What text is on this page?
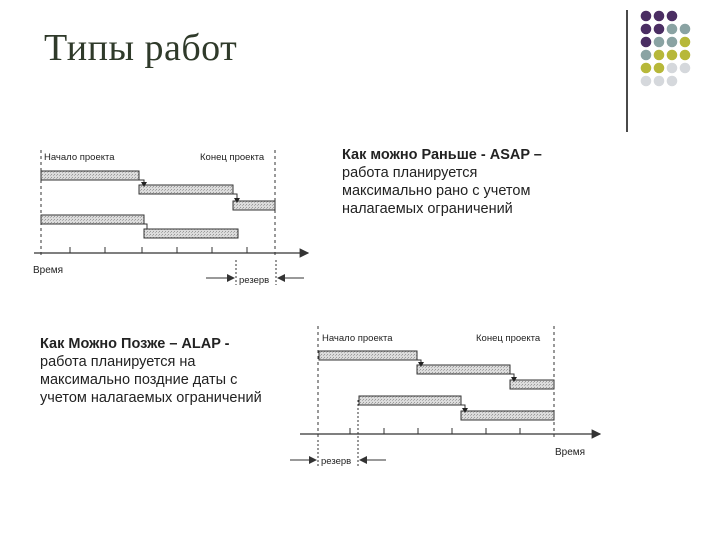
Типы работ
Начало проекта	Конец проекта
Время
резерв
Как можно Раньше - ASAP –
работа планируется
максимально рано с учетом
налагаемых ограничений
Как Можно Позже – ALAP -
работа планируется на
максимально поздние даты с
учетом налагаемых ограничений
Начало проекта	Конец проекта
Время
резерв
